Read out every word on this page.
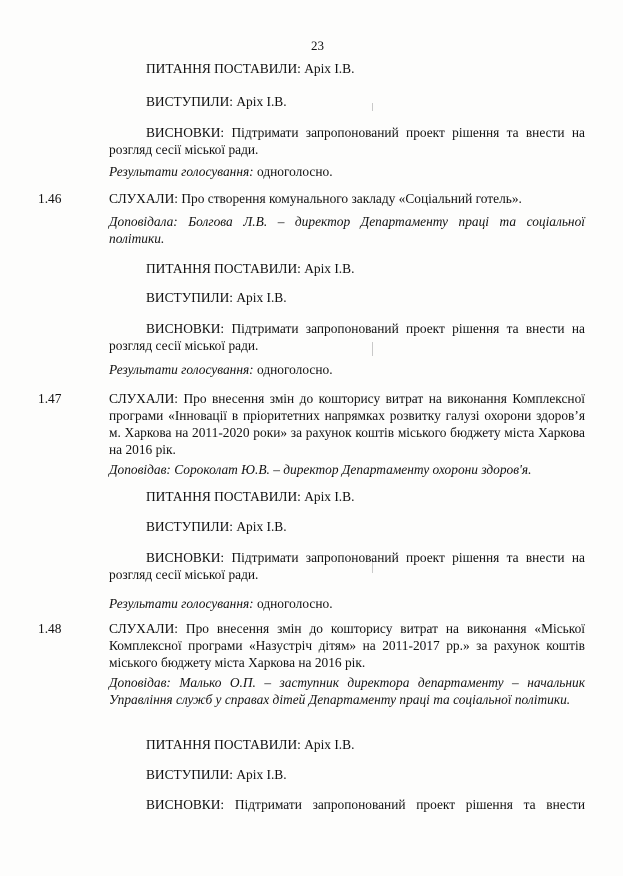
23
ПИТАННЯ ПОСТАВИЛИ: Аріх І.В.
ВИСТУПИЛИ: Аріх І.В.
ВИСНОВКИ: Підтримати запропонований проект рішення та внести на розгляд сесії міської ради.
Результати голосування: одноголосно.
1.46	СЛУХАЛИ: Про створення комунального закладу «Соціальний готель».
Доповідала: Болгова Л.В. – директор Департаменту праці та соціальної політики.
ПИТАННЯ ПОСТАВИЛИ: Аріх І.В.
ВИСТУПИЛИ: Аріх І.В.
ВИСНОВКИ: Підтримати запропонований проект рішення та внести на розгляд сесії міської ради.
Результати голосування: одноголосно.
1.47	СЛУХАЛИ: Про внесення змін до кошторису витрат на виконання Комплексної програми «Інновації в пріоритетних напрямках розвитку галузі охорони здоров’я м. Харкова на 2011-2020 роки» за рахунок коштів міського бюджету міста Харкова на 2016 рік.
Доповідав: Сороколат Ю.В. – директор Департаменту охорони здоров'я.
ПИТАННЯ ПОСТАВИЛИ: Аріх І.В.
ВИСТУПИЛИ: Аріх І.В.
ВИСНОВКИ: Підтримати запропонований проект рішення та внести на розгляд сесії міської ради.
Результати голосування: одноголосно.
1.48	СЛУХАЛИ: Про внесення змін до кошторису витрат на виконання «Міської Комплексної програми «Назустріч дітям» на 2011-2017 pp.» за рахунок коштів міського бюджету міста Харкова на 2016 рік.
Доповідав: Малько О.П. – заступник директора департаменту – начальник Управління служб у справах дітей Департаменту праці та соціальної політики.
ПИТАННЯ ПОСТАВИЛИ: Аріх І.В.
ВИСТУПИЛИ: Аріх І.В.
ВИСНОВКИ: Підтримати запропонований проект рішення та внести
